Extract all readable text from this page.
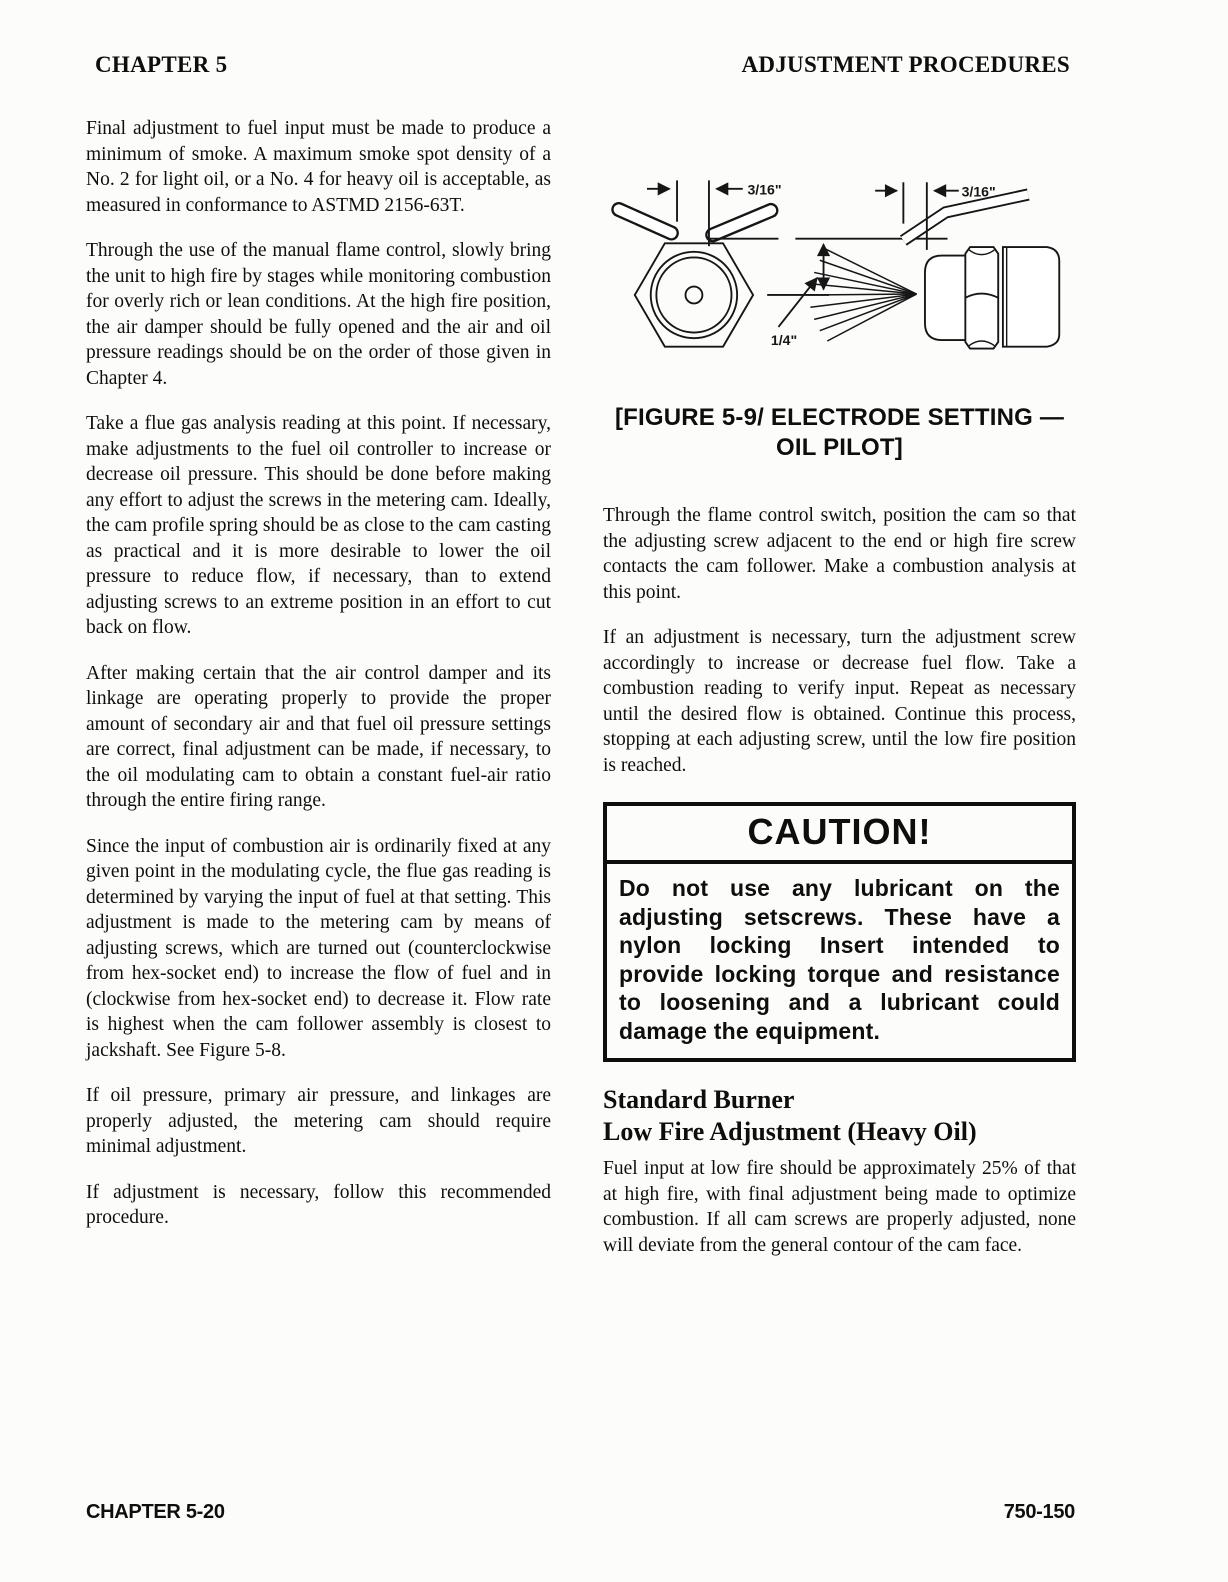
CHAPTER 5	ADJUSTMENT PROCEDURES

Final adjustment to fuel input must be made to produce a minimum of smoke. A maximum smoke spot density of a No. 2 for light oil, or a No. 4 for heavy oil is acceptable, as measured in conformance to ASTMD 2156-63T.

Through the use of the manual flame control, slowly bring the unit to high fire by stages while monitoring combustion for overly rich or lean conditions. At the high fire position, the air damper should be fully opened and the air and oil pressure readings should be on the order of those given in Chapter 4.

Take a flue gas analysis reading at this point. If necessary, make adjustments to the fuel oil controller to increase or decrease oil pressure. This should be done before making any effort to adjust the screws in the metering cam. Ideally, the cam profile spring should be as close to the cam casting as practical and it is more desirable to lower the oil pressure to reduce flow, if necessary, than to extend adjusting screws to an extreme position in an effort to cut back on flow.

After making certain that the air control damper and its linkage are operating properly to provide the proper amount of secondary air and that fuel oil pressure settings are correct, final adjustment can be made, if necessary, to the oil modulating cam to obtain a constant fuel-air ratio through the entire firing range.

Since the input of combustion air is ordinarily fixed at any given point in the modulating cycle, the flue gas reading is determined by varying the input of fuel at that setting. This adjustment is made to the metering cam by means of adjusting screws, which are turned out (counterclockwise from hex-socket end) to increase the flow of fuel and in (clockwise from hex-socket end) to decrease it. Flow rate is highest when the cam follower assembly is closest to jackshaft. See Figure 5-8.

If oil pressure, primary air pressure, and linkages are properly adjusted, the metering cam should require minimal adjustment.

If adjustment is necessary, follow this recommended procedure.

3/16"	3/16"
1/4"
[FIGURE 5-9/ ELECTRODE SETTING —
OIL PILOT]

Through the flame control switch, position the cam so that the adjusting screw adjacent to the end or high fire screw contacts the cam follower. Make a combustion analysis at this point.

If an adjustment is necessary, turn the adjustment screw accordingly to increase or decrease fuel flow. Take a combustion reading to verify input. Repeat as necessary until the desired flow is obtained. Continue this process, stopping at each adjusting screw, until the low fire position is reached.

CAUTION!
Do not use any lubricant on the adjusting setscrews. These have a nylon locking Insert intended to provide locking torque and resistance to loosening and a lubricant could damage the equipment.
Standard Burner
Low Fire Adjustment (Heavy Oil)

Fuel input at low fire should be approximately 25% of that at high fire, with final adjustment being made to optimize combustion. If all cam screws are properly adjusted, none will deviate from the general contour of the cam face.

CHAPTER 5-20	750-150
